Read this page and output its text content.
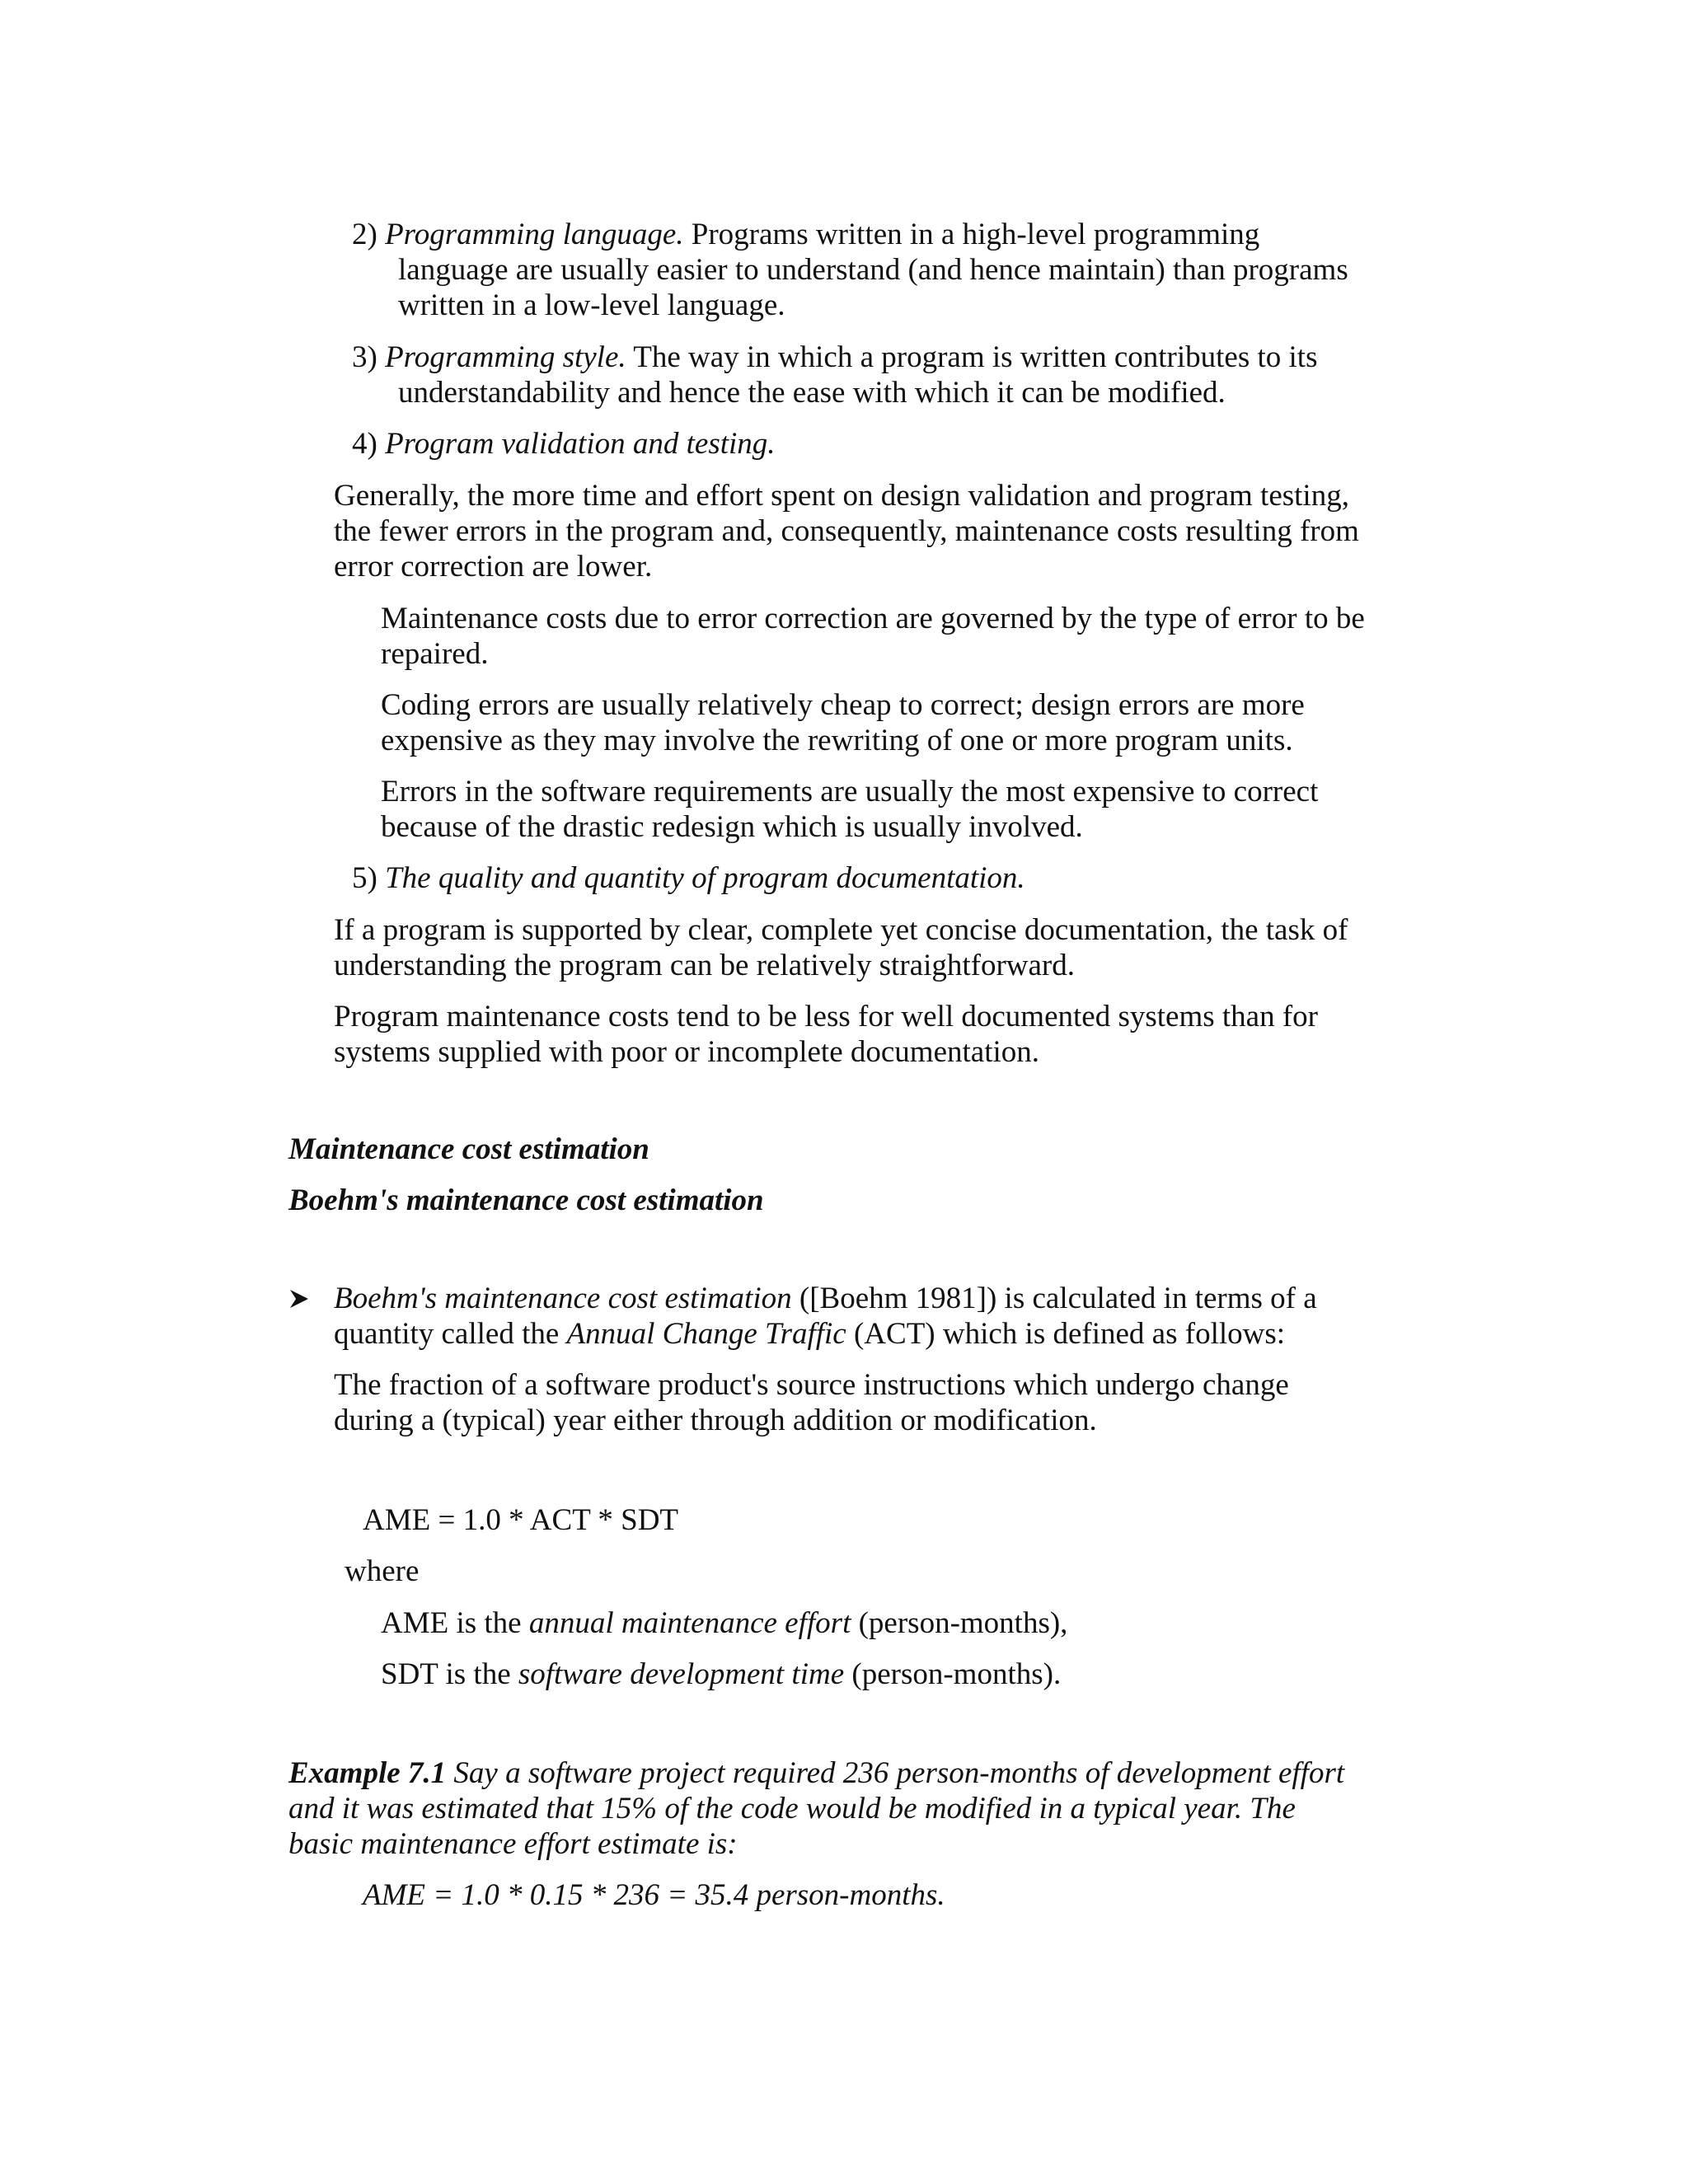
2) Programming language. Programs written in a high-level programming
language are usually easier to understand (and hence maintain) than programs
written in a low-level language.
3) Programming style. The way in which a program is written contributes to its
understandability and hence the ease with which it can be modified.
4) Program validation and testing.
Generally, the more time and effort spent on design validation and program testing,
the fewer errors in the program and, consequently, maintenance costs resulting from
error correction are lower.
Maintenance costs due to error correction are governed by the type of error to be
repaired.
Coding errors are usually relatively cheap to correct; design errors are more
expensive as they may involve the rewriting of one or more program units.
Errors in the software requirements are usually the most expensive to correct
because of the drastic redesign which is usually involved.
5) The quality and quantity of program documentation.
If a program is supported by clear, complete yet concise documentation, the task of
understanding the program can be relatively straightforward.
Program maintenance costs tend to be less for well documented systems than for
systems supplied with poor or incomplete documentation.
Maintenance cost estimation
Boehm's maintenance cost estimation
Boehm's maintenance cost estimation ([Boehm 1981]) is calculated in terms of a
quantity called the Annual Change Traffic (ACT) which is defined as follows:
The fraction of a software product's source instructions which undergo change
during a (typical) year either through addition or modification.
AME = 1.0 * ACT * SDT
where
AME is the annual maintenance effort (person-months),
SDT is the software development time (person-months).
Example 7.1 Say a software project required 236 person-months of development effort
and it was estimated that 15% of the code would be modified in a typical year. The
basic maintenance effort estimate is:
AME = 1.0 * 0.15 * 236 = 35.4 person-months.
